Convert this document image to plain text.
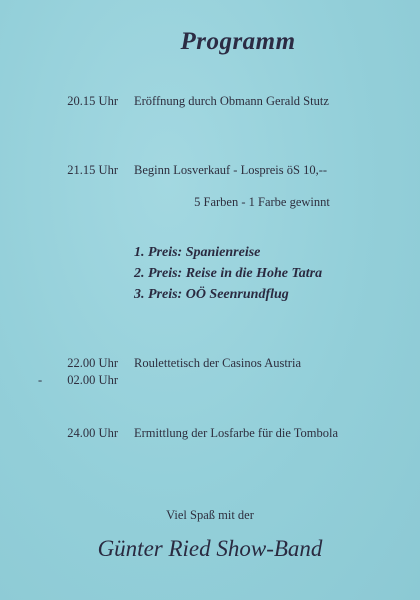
Programm
20.15 Uhr Eröffnung durch Obmann Gerald Stutz
21.15 Uhr Beginn Losverkauf - Lospreis öS 10,--
5 Farben - 1 Farbe gewinnt
1. Preis: Spanienreise
2. Preis: Reise in die Hohe Tatra
3. Preis: OÖ Seenrundflug
22.00 Uhr Roulettetisch der Casinos Austria
- 02.00 Uhr
24.00 Uhr Ermittlung der Losfarbe für die Tombola
Viel Spaß mit der
Günter Ried Show-Band
